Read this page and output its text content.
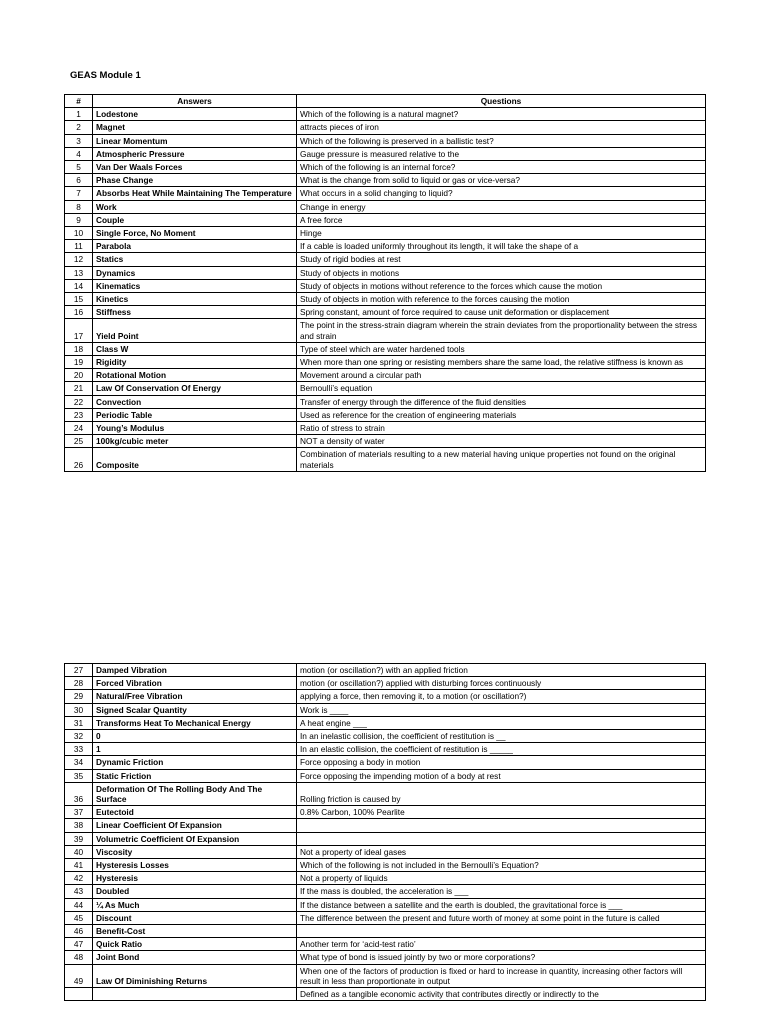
GEAS Module 1
#	Answers	Questions
1	Lodestone	Which of the following is a natural magnet?
2	Magnet	attracts pieces of iron
3	Linear Momentum	Which of the following is preserved in a ballistic test?
4	Atmospheric Pressure	Gauge pressure is measured relative to the
5	Van Der Waals Forces	Which of the following is an internal force?
6	Phase Change	What is the change from solid to liquid or gas or vice-versa?
7	Absorbs Heat While Maintaining The Temperature	What occurs in a solid changing to liquid?
8	Work	Change in energy
9	Couple	A free force
10	Single Force, No Moment	Hinge
11	Parabola	If a cable is loaded uniformly throughout its length, it will take the shape of a
12	Statics	Study of rigid bodies at rest
13	Dynamics	Study of objects in motions
14	Kinematics	Study of objects in motions without reference to the forces which cause the motion
15	Kinetics	Study of objects in motion with reference to the forces causing the motion
16	Stiffness	Spring constant, amount of force required to cause unit deformation or displacement
17	Yield Point	The point in the stress-strain diagram wherein the strain deviates from the proportionality between the stress and strain
18	Class W	Type of steel which are water hardened tools
19	Rigidity	When more than one spring or resisting members share the same load, the relative stiffness is known as
20	Rotational Motion	Movement around a circular path
21	Law Of Conservation Of Energy	Bernoulli’s equation
22	Convection	Transfer of energy through the difference of the fluid densities
23	Periodic Table	Used as reference for the creation of engineering materials
24	Young’s Modulus	Ratio of stress to strain
25	100kg/cubic meter	NOT a density of water
26	Composite	Combination of materials resulting to a new material having unique properties not found on the original materials
27	Damped Vibration	motion (or oscillation?) with an applied friction
28	Forced Vibration	motion (or oscillation?) applied with disturbing forces continuously
29	Natural/Free Vibration	applying a force, then removing it, to a motion (or oscillation?)
30	Signed Scalar Quantity	Work is ____
31	Transforms Heat To Mechanical Energy	A heat engine ___
32	0	In an inelastic collision, the coefficient of restitution is __
33	1	In an elastic collision, the coefficient of restitution is _____
34	Dynamic Friction	Force opposing a body in motion
35	Static Friction	Force opposing the impending motion of a body at rest
36	Deformation Of The Rolling Body And The Surface	Rolling friction is caused by
37	Eutectoid	0.8% Carbon, 100% Pearlite
38	Linear Coefficient Of Expansion	
39	Volumetric Coefficient Of Expansion	
40	Viscosity	Not a property of ideal gases
41	Hysteresis Losses	Which of the following is not included in the Bernoulli’s Equation?
42	Hysteresis	Not a property of liquids
43	Doubled	If the mass is doubled, the acceleration is ___
44	¼ As Much	If the distance between a satellite and the earth is doubled, the gravitational force is ___
45	Discount	The difference between the present and future worth of money at some point in the future is called
46	Benefit-Cost	
47	Quick Ratio	Another term for ‘acid-test ratio’
48	Joint Bond	What type of bond is issued jointly by two or more corporations?
49	Law Of Diminishing Returns	When one of the factors of production is fixed or hard to increase in quantity, increasing other factors will result in less than proportionate in output
		Defined as a tangible economic activity that contributes directly or indirectly to the
